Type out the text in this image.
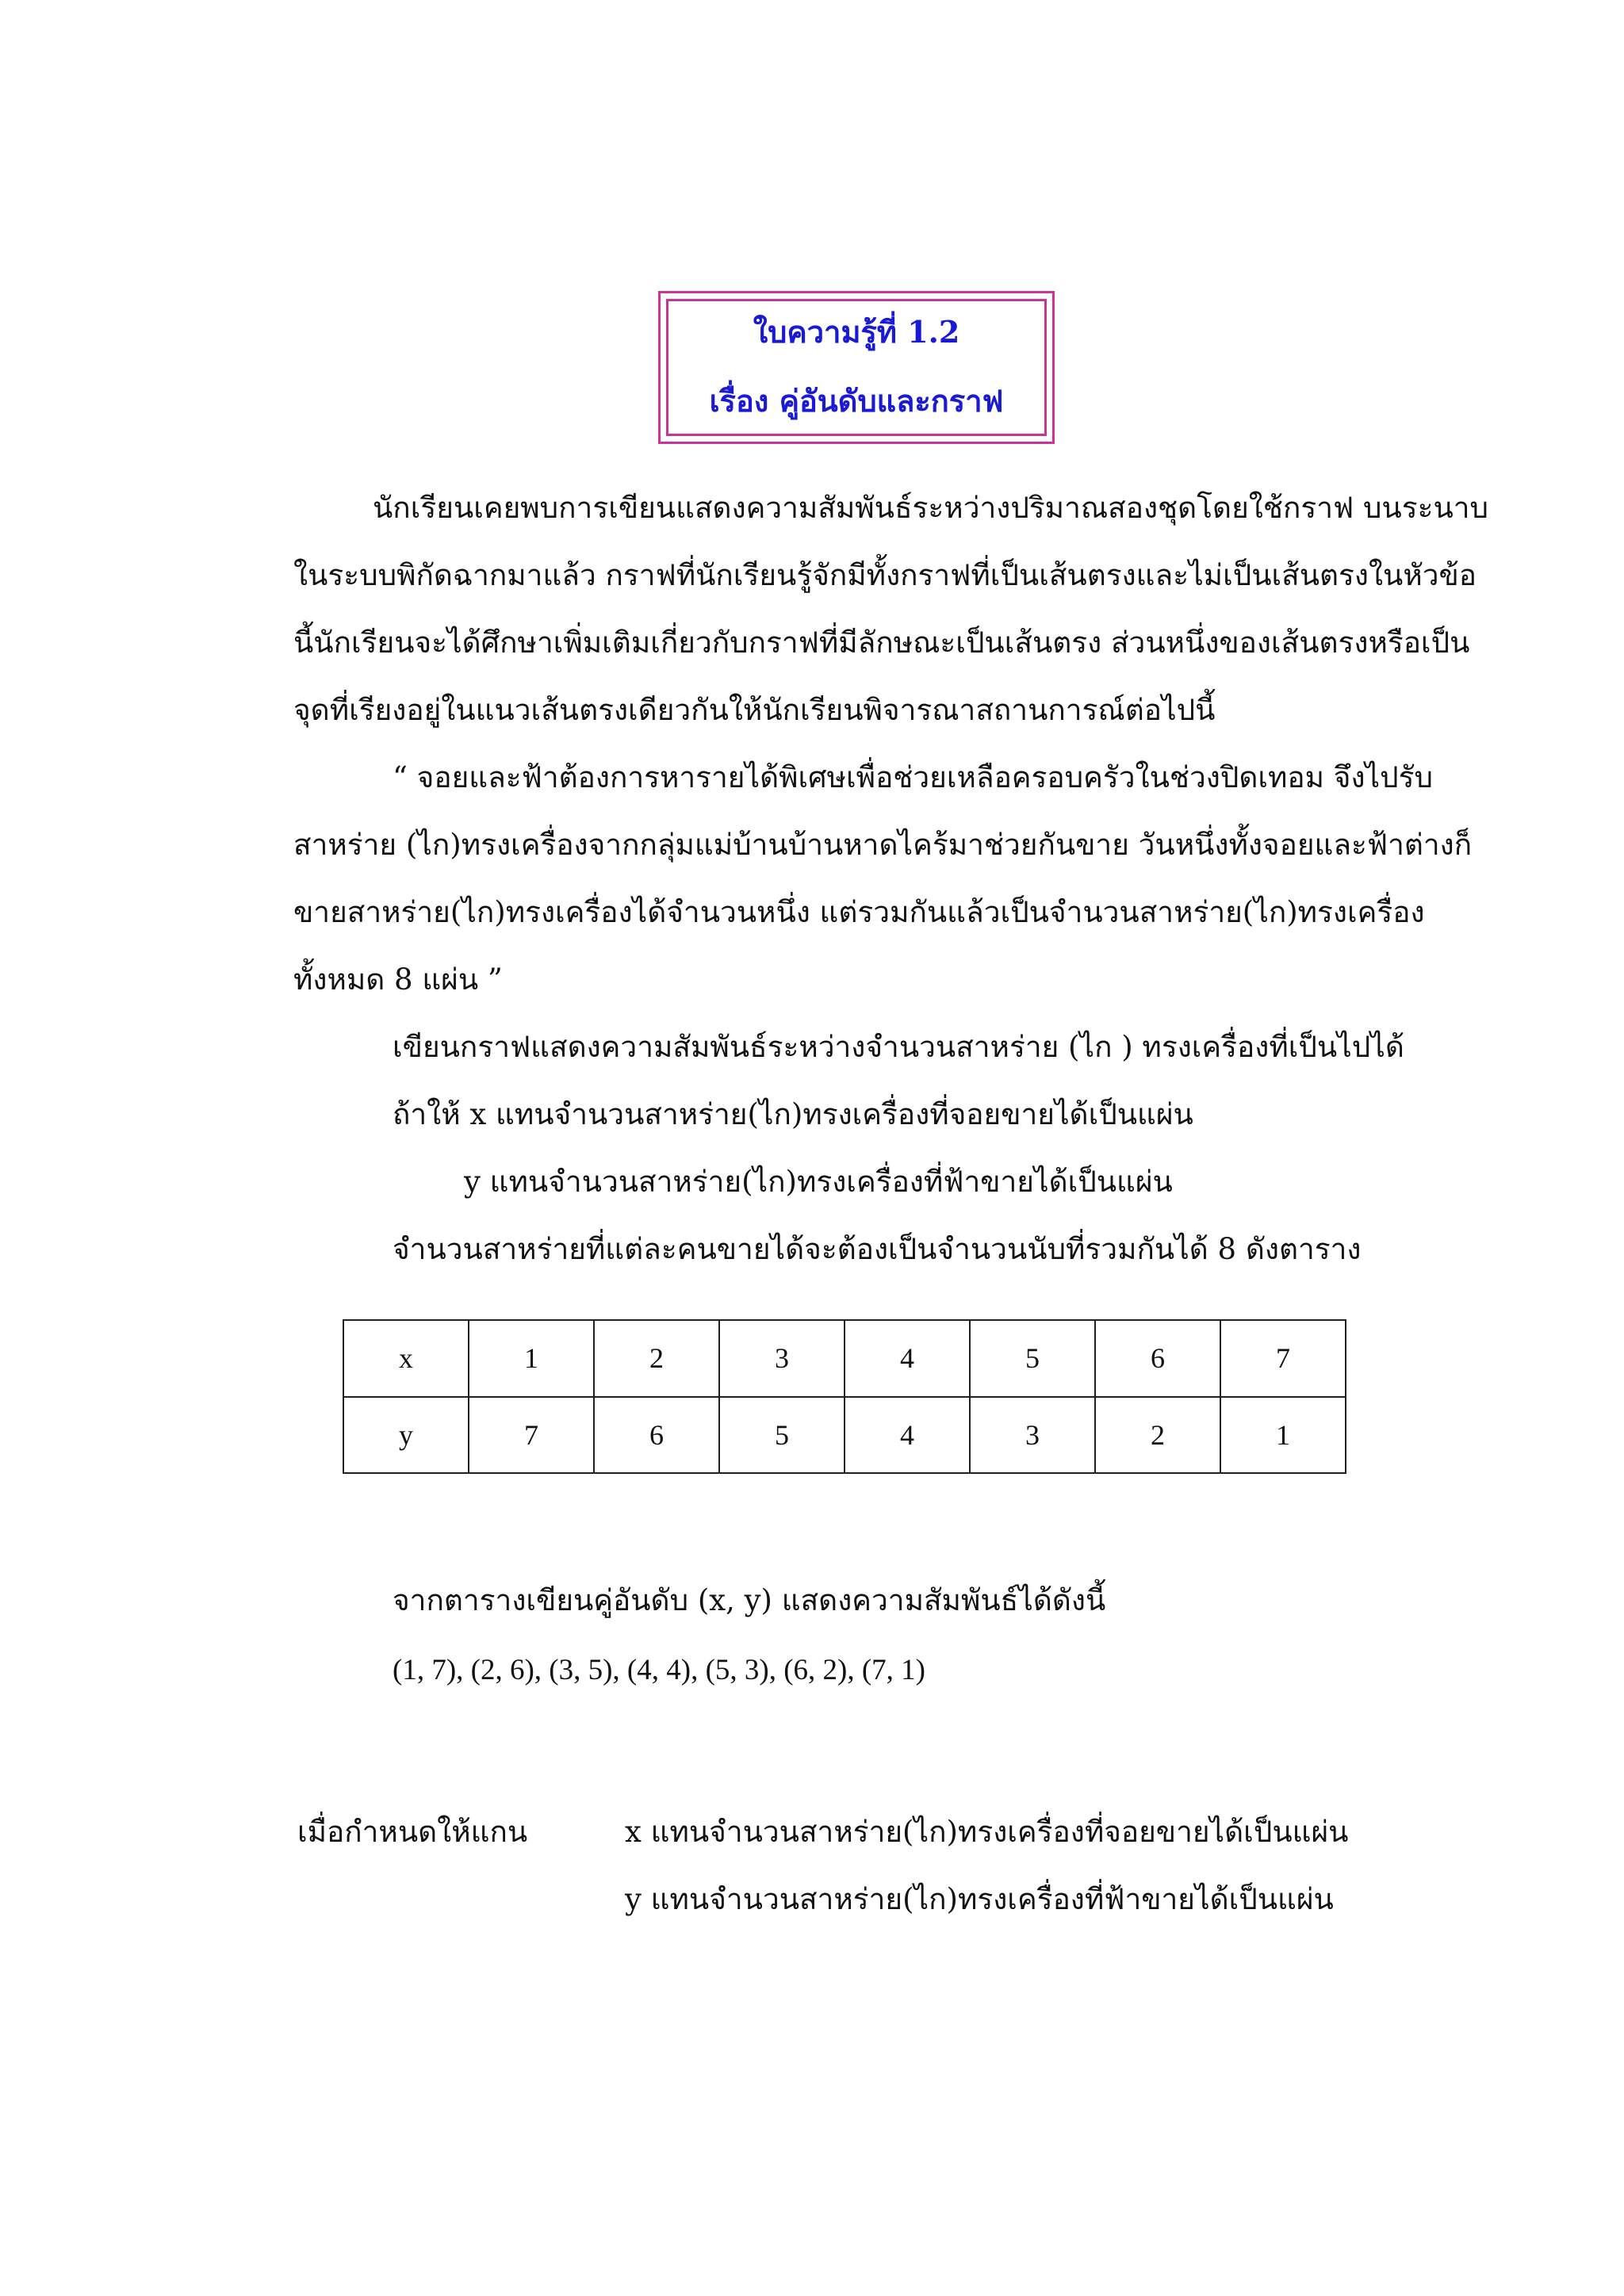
ใบความรู้ที่ 1.2
เรื่อง คู่อันดับและกราฟ
นักเรียนเคยพบการเขียนแสดงความสัมพันธ์ระหว่างปริมาณสองชุดโดยใช้กราฟ บนระนาบ
ในระบบพิกัดฉากมาแล้ว กราฟที่นักเรียนรู้จักมีทั้งกราฟที่เป็นเส้นตรงและไม่เป็นเส้นตรงในหัวข้อ
นี้นักเรียนจะได้ศึกษาเพิ่มเติมเกี่ยวกับกราฟที่มีลักษณะเป็นเส้นตรง ส่วนหนึ่งของเส้นตรงหรือเป็น
จุดที่เรียงอยู่ในแนวเส้นตรงเดียวกันให้นักเรียนพิจารณาสถานการณ์ต่อไปนี้
“ จอยและฟ้าต้องการหารายได้พิเศษเพื่อช่วยเหลือครอบครัวในช่วงปิดเทอม จึงไปรับ
สาหร่าย (ไก)ทรงเครื่องจากกลุ่มแม่บ้านบ้านหาดไคร้มาช่วยกันขาย วันหนึ่งทั้งจอยและฟ้าต่างก็
ขายสาหร่าย(ไก)ทรงเครื่องได้จำนวนหนึ่ง แต่รวมกันแล้วเป็นจำนวนสาหร่าย(ไก)ทรงเครื่อง
ทั้งหมด 8 แผ่น ”
เขียนกราฟแสดงความสัมพันธ์ระหว่างจำนวนสาหร่าย (ไก ) ทรงเครื่องที่เป็นไปได้
ถ้าให้ x แทนจำนวนสาหร่าย(ไก)ทรงเครื่องที่จอยขายได้เป็นแผ่น
y แทนจำนวนสาหร่าย(ไก)ทรงเครื่องที่ฟ้าขายได้เป็นแผ่น
จำนวนสาหร่ายที่แต่ละคนขายได้จะต้องเป็นจำนวนนับที่รวมกันได้ 8 ดังตาราง
x	1	2	3	4	5	6	7
y	7	6	5	4	3	2	1
จากตารางเขียนคู่อันดับ (x, y) แสดงความสัมพันธ์ได้ดังนี้
(1, 7), (2, 6), (3, 5), (4, 4), (5, 3), (6, 2), (7, 1)
เมื่อกำหนดให้แกน	x แทนจำนวนสาหร่าย(ไก)ทรงเครื่องที่จอยขายได้เป็นแผ่น
y แทนจำนวนสาหร่าย(ไก)ทรงเครื่องที่ฟ้าขายได้เป็นแผ่น
